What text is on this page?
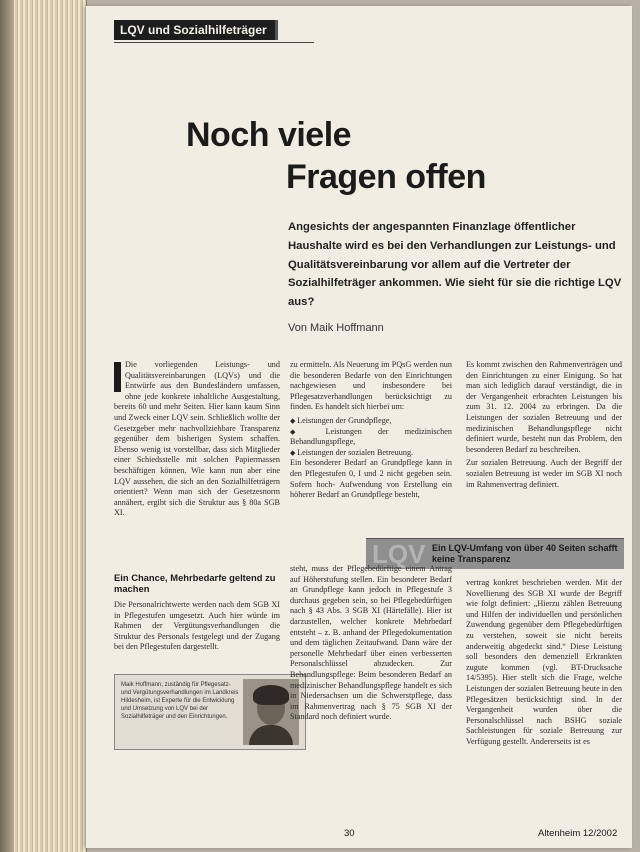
LQV und Sozialhilfeträger
Noch viele
Fragen offen
Angesichts der angespannten Finanzlage öffentlicher Haushalte wird es bei den Verhandlungen zur Leistungs- und Qualitätsvereinbarung vor allem auf die Vertreter der Sozialhilfeträger ankommen. Wie sieht für sie die richtige LQV aus?
Von Maik Hoffmann

Die vorliegenden Leistungs- und Qualitätsvereinbarungen (LQVs) und die Entwürfe aus den Bundesländern umfassen, ohne jede konkrete inhaltliche Ausgestaltung, bereits 60 und mehr Seiten. Hier kann kaum Sinn und Zweck einer LQV sein. Schließlich wollte der Gesetzgeber mehr nachvollziehbare Transparenz gegenüber dem bisherigen System schaffen. Ebenso wenig ist vorstellbar, dass sich Mitglieder einer Schiedsstelle mit solchen Papiermassen beschäftigen können. Wie kann nun aber eine LQV aussehen, die sich an den Sozialhilfeträgern orientiert? Wenn man sich der Gesetzesnorm annähert, ergibt sich die Struktur aus § 80a SGB XI.

zu ermitteln. Als Neuerung im PQsG werden nun die besonderen Bedarfe von den Einrichtungen nachgewiesen und insbesondere bei Pflegesatzverhandlungen berücksichtigt zu finden. Es handelt sich hierbei um:

◆ Leistungen der Grundpflege,
◆ Leistungen der medizinischen Behandlungspflege,
◆ Leistungen der sozialen Betreuung.

Ein besonderer Bedarf an Grundpflege kann in den Pflegestufen 0, I und 2 nicht gegeben sein. Sofern hoch- Aufwendung von Erstellung ein höherer Bedarf an Grundpflege besteht,

Es kommt zwischen den Rahmenverträgen und den Einrichtungen zu einer Einigung. So hat man sich lediglich darauf verständigt, die in der Vergangenheit erbrachten Leistungen bis zum 31. 12. 2004 zu erbringen. Da die Leistungen der sozialen Betreuung und der medizinischen Behandlungspflege nicht definiert wurde, besteht nun das Problem, den besonderen Bedarf zu beschreiben.

Zur sozialen Betreuung. Auch der Begriff der sozialen Betreuung ist weder im SGB XI noch im Rahmenvertrag definiert.

LQV Ein LQV-Umfang von über 40 Seiten schafft keine Transparenz
Ein Chance, Mehrbedarfe geltend zu machen

Die Personalrichtwerte werden nach dem SGB XI in Pflegestufen umgesetzt. Auch hier würde im Rahmen der Vergütungsverhandlungen die Struktur des Personals festgelegt und der Zugang bei den Pflegestufen dargestellt.

Maik Hoffmann, zuständig für Pflegesatz- und Vergütungsverhandlungen im Landkreis Hildesheim, ist Experte für die Entwicklung und Umsetzung von LQV bei der Sozialhilfeträger und den Einrichtungen.

steht, muss der Pflegebedürftige einem Antrag auf Höherstufung stellen. Ein besonderer Bedarf an Grundpflege kann jedoch in Pflegestufe 3 durchaus gegeben sein, so bei Pflegebedürftigen nach § 43 Abs. 3 SGB XI (Härtefälle). Hier ist darzustellen, welcher konkrete Mehrbedarf entsteht – z. B. anhand der Pflegedokumentation und dem täglichen Zeitaufwand. Dann wäre der personelle Mehrbedarf über einen verbesserten Personalschlüssel abzudecken. Zur Behandlungspflege: Beim besonderen Bedarf an medizinischer Behandlungspflege handelt es sich in Niedersachsen um die Schwerstpflege, dass im Rahmenvertrag nach § 75 SGB XI der Standard noch definiert wurde.

vertrag konkret beschrieben werden. Mit der Novellierung des SGB XI wurde der Begriff wie folgt definiert: „Hierzu zählen Betreuung und Hilfen der individuellen und persönlichen Zuwendung gegenüber dem Pflegebedürftigen zu verstehen, soweit sie nicht bereits anderweitig abgedeckt sind.“ Diese Leistung soll besonders den demenziell Erkrankten zugute kommen (vgl. BT-Drucksache 14/5395). Hier stellt sich die Frage, welche Leistungen der sozialen Betreuung heute in den Pflegesätzen berücksichtigt sind. In der Vergangenheit wurden über die Personalschlüssel nach BSHG soziale Sachleistungen für soziale Betreuung zur Verfügung gestellt. Andererseits ist es

30	Altenheim 12/2002
